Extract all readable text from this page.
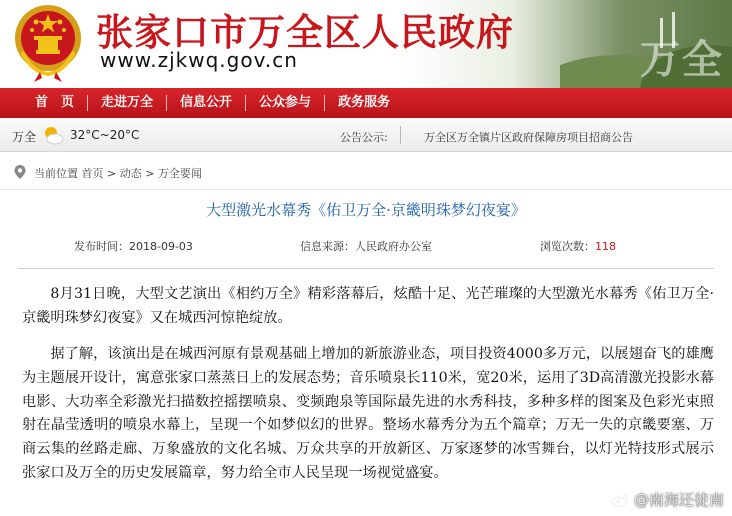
张家口市万全区人民政府
www.zjkwq.gov.cn	万全
首　页	走进万全	信息公开	公众参与	政务服务
万全	32°C~20°C	公告公示:	万全区万全镇片区政府保障房项目招商公告
当前位置 首页 > 动态 > 万全要闻
大型激光水幕秀《佑卫万全·京畿明珠梦幻夜宴》
发布时间：2018-09-03	信息来源：人民政府办公室	浏览次数：118

8月31日晚，大型文艺演出《相约万全》精彩落幕后，炫酷十足、光芒璀璨的大型激光水幕秀《佑卫万全·京畿明珠梦幻夜宴》又在城西河惊艳绽放。

据了解，该演出是在城西河原有景观基础上增加的新旅游业态，项目投资4000多万元，以展翅奋飞的雄鹰为主题展开设计，寓意张家口蒸蒸日上的发展态势；音乐喷泉长110米，宽20米，运用了3D高清激光投影水幕电影、大功率全彩激光扫描数控摇摆喷泉、变频跑泉等国际最先进的水秀科技，多种多样的图案及色彩光束照射在晶莹透明的喷泉水幕上，呈现一个如梦似幻的世界。整场水幕秀分为五个篇章；万无一失的京畿要塞、万商云集的丝路走廊、万象盛放的文化名城、万众共享的开放新区、万家逐梦的冰雪舞台，以灯光特技形式展示张家口及万全的历史发展篇章，努力给全市人民呈现一场视觉盛宴。

@南海还徒南
